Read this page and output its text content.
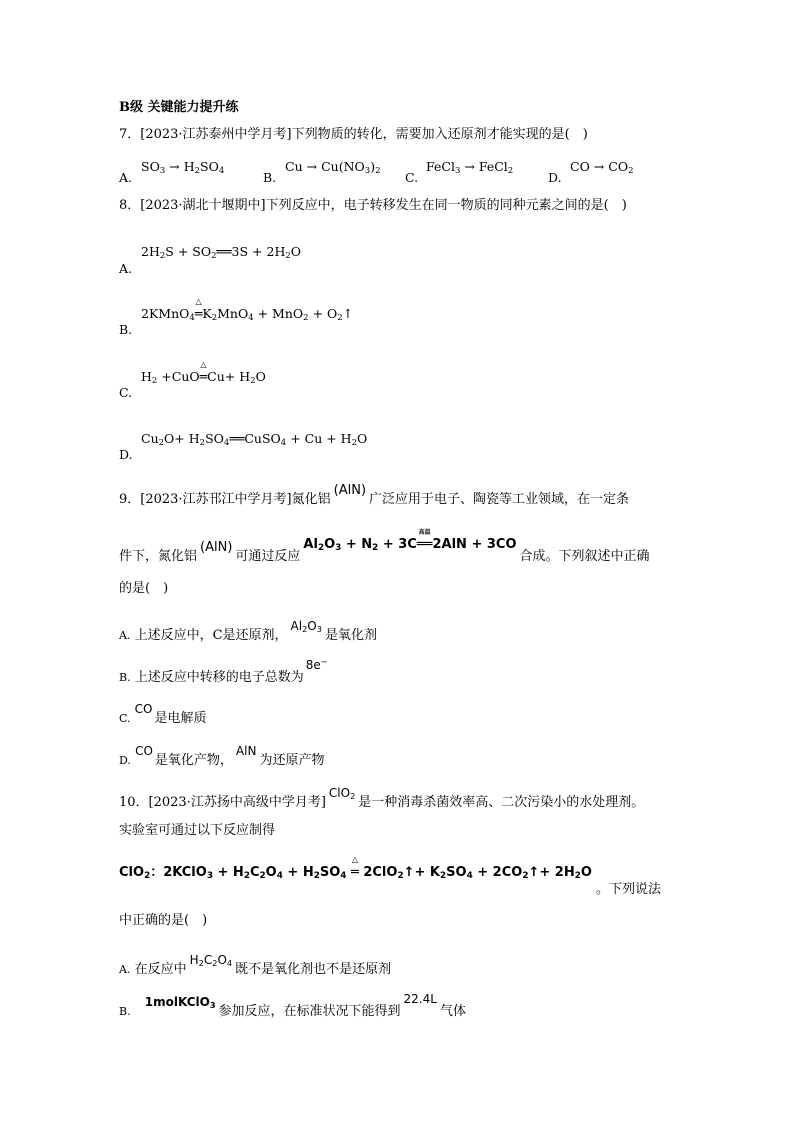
B级 关键能力提升练
7．[2023·江苏泰州中学月考]下列物质的转化，需要加入还原剂才能实现的是(　)
A.
$SO_3 \to H_2SO_4$	B.
$Cu \to Cu(NO_3)_2$ C.
FeCl$_3$ → FeCl$_2$	D.
CO → $CO_2$
8．[2023·湖北十堰期中]下列反应中，电子转移发生在同一物质的同种元素之间的是(　)
$2H_2S$ + $SO_2══3S + 2H_2O$
A.
2KMnO$_4$
△
$═K_2MnO_4 + MnO_2$ + $O_2↑$
B.
$H_2 +CuO$
△
═Cu+ $H_2O$
C.
$Cu_2O+$ $H_2SO_4══CuSO_4 + Cu + H_2O$
D.
9．[2023·江苏邗江中学月考]氮化铝(AlN)广泛应用于电子、陶瓷等工业领域，在一定条
件下，氮化铝(AlN)可通过反应$Al_2O_3 + N_2 + 3C$
高温
══2AlN + 3CO合成。下列叙述中正确
的是(　)
A. 上述反应中，C是还原剂，$Al_2O_3$ 是氧化剂
B. 上述反应中转移的电子总数为8e−
C. CO是电解质
D. CO是氧化产物，AlN为还原产物
10．[2023·江苏扬中高级中学月考]ClO$_2$ 是一种消毒杀菌效率高、二次污染小的水处理剂。
实验室可通过以下反应制得
ClO$_2$：2KClO$_3$ + $H_2C_2O_4 + H_2SO_4$
△
═ 2ClO$_2$↑+ $K_2SO_4$ + $2CO_2↑+ 2H_2O$。下列说法
中正确的是(　)
A. 在反应中$H_2C_2O_4$ 既不是氧化剂也不是还原剂
B. 1molKClO$_3$ 参加反应，在标准状况下能得到22.4L气体
